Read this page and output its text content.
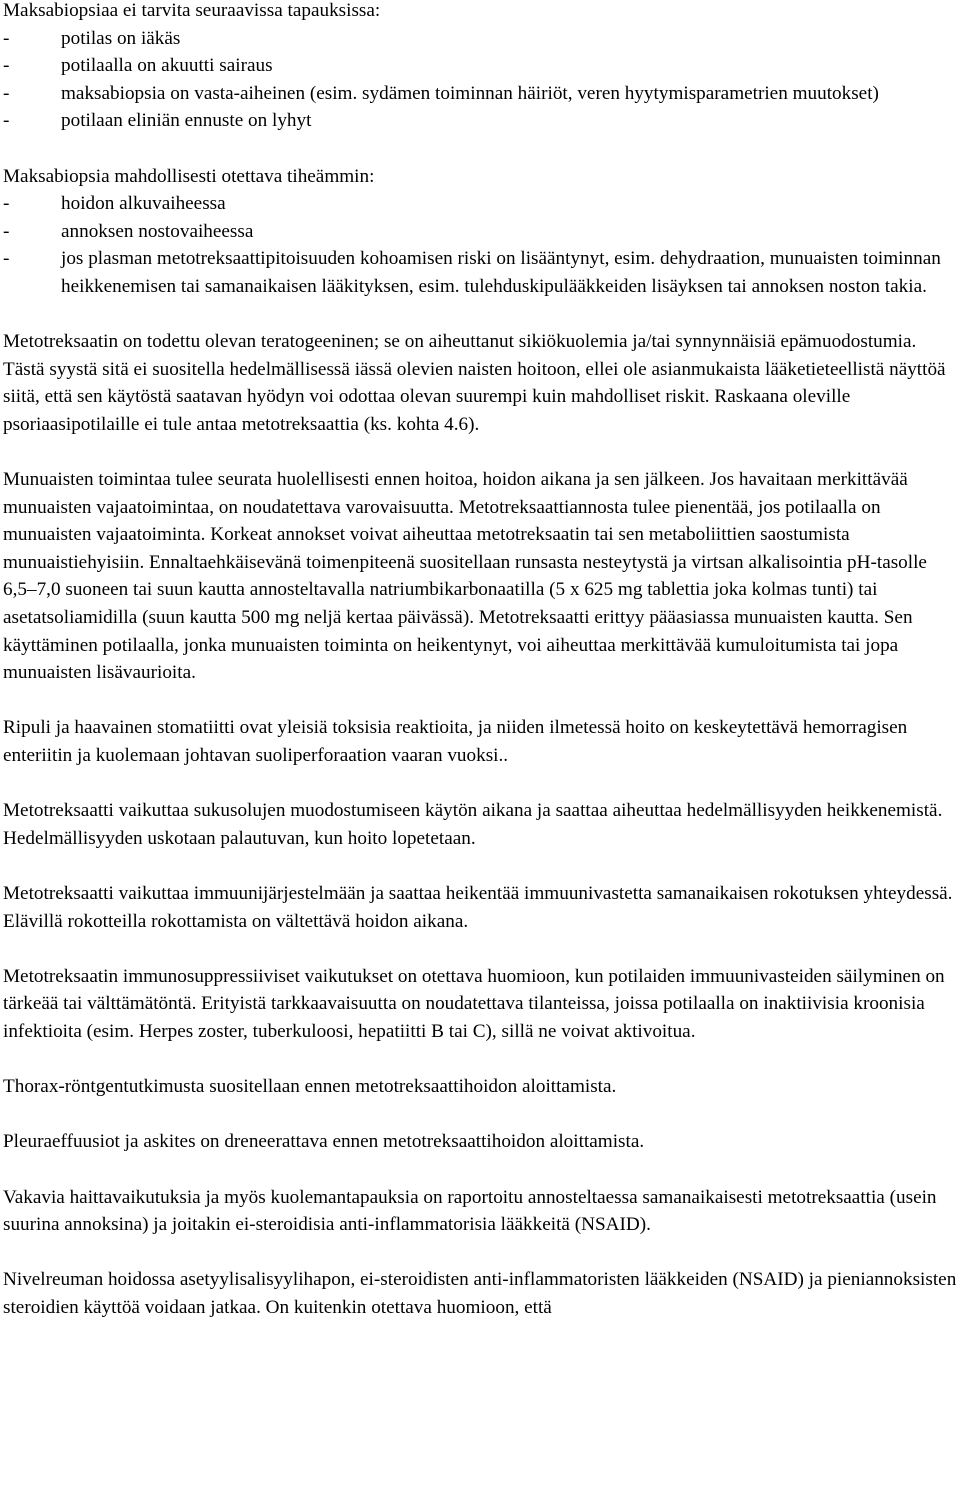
Maksabiopsiaa ei tarvita seuraavissa tapauksissa:

-	potilas on iäkäs
-	potilaalla on akuutti sairaus
-	maksabiopsia on vasta-aiheinen (esim. sydämen toiminnan häiriöt, veren hyytymisparametrien muutokset)
-	potilaan eliniän ennuste on lyhyt

Maksabiopsia mahdollisesti otettava tiheämmin:

-	hoidon alkuvaiheessa
-	annoksen nostovaiheessa
-	jos plasman metotreksaattipitoisuuden kohoamisen riski on lisääntynyt, esim. dehydraation, munuaisten toiminnan heikkenemisen tai samanaikaisen lääkityksen, esim. tulehduskipulääkkeiden lisäyksen tai annoksen noston takia.

Metotreksaatin on todettu olevan teratogeeninen; se on aiheuttanut sikiökuolemia ja/tai synnynnäisiä epämuodostumia. Tästä syystä sitä ei suositella hedelmällisessä iässä olevien naisten hoitoon, ellei ole asianmukaista lääketieteellistä näyttöä siitä, että sen käytöstä saatavan hyödyn voi odottaa olevan suurempi kuin mahdolliset riskit. Raskaana oleville psoriaasipotilaille ei tule antaa metotreksaattia (ks. kohta 4.6).

Munuaisten toimintaa tulee seurata huolellisesti ennen hoitoa, hoidon aikana ja sen jälkeen. Jos havaitaan merkittävää munuaisten vajaatoimintaa, on noudatettava varovaisuutta. Metotreksaattiannosta tulee pienentää, jos potilaalla on munuaisten vajaatoiminta. Korkeat annokset voivat aiheuttaa metotreksaatin tai sen metaboliittien saostumista munuaistiehyisiin. Ennaltaehkäisevänä toimenpiteenä suositellaan runsasta nesteytystä ja virtsan alkalisointia pH-tasolle 6,5–7,0 suoneen tai suun kautta annosteltavalla natriumbikarbonaatilla (5 x 625 mg tablettia joka kolmas tunti) tai asetatsoliamidilla (suun kautta 500 mg neljä kertaa päivässä). Metotreksaatti erittyy pääasiassa munuaisten kautta. Sen käyttäminen potilaalla, jonka munuaisten toiminta on heikentynyt, voi aiheuttaa merkittävää kumuloitumista tai jopa munuaisten lisävaurioita.

Ripuli ja haavainen stomatiitti ovat yleisiä toksisia reaktioita, ja niiden ilmetessä hoito on keskeytettävä hemorragisen enteriitin ja kuolemaan johtavan suoliperforaation vaaran vuoksi..

Metotreksaatti vaikuttaa sukusolujen muodostumiseen käytön aikana ja saattaa aiheuttaa hedelmällisyyden heikkenemistä. Hedelmällisyyden uskotaan palautuvan, kun hoito lopetetaan.

Metotreksaatti vaikuttaa immuunijärjestelmään ja saattaa heikentää immuunivastetta samanaikaisen rokotuksen yhteydessä. Elävillä rokotteilla rokottamista on vältettävä hoidon aikana.

Metotreksaatin immunosuppressiiviset vaikutukset on otettava huomioon, kun potilaiden immuunivasteiden säilyminen on tärkeää tai välttämätöntä. Erityistä tarkkaavaisuutta on noudatettava tilanteissa, joissa potilaalla on inaktiivisia kroonisia infektioita (esim. Herpes zoster, tuberkuloosi, hepatiitti B tai C), sillä ne voivat aktivoitua.

Thorax-röntgentutkimusta suositellaan ennen metotreksaattihoidon aloittamista.

Pleuraeffuusiot ja askites on dreneerattava ennen metotreksaattihoidon aloittamista.

Vakavia haittavaikutuksia ja myös kuolemantapauksia on raportoitu annosteltaessa samanaikaisesti metotreksaattia (usein suurina annoksina) ja joitakin ei-steroidisia anti-inflammatorisia lääkkeitä (NSAID).

Nivelreuman hoidossa asetyylisalisyylihapon, ei-steroidisten anti-inflammatoristen lääkkeiden (NSAID) ja pieniannoksisten steroidien käyttöä voidaan jatkaa. On kuitenkin otettava huomioon, että
